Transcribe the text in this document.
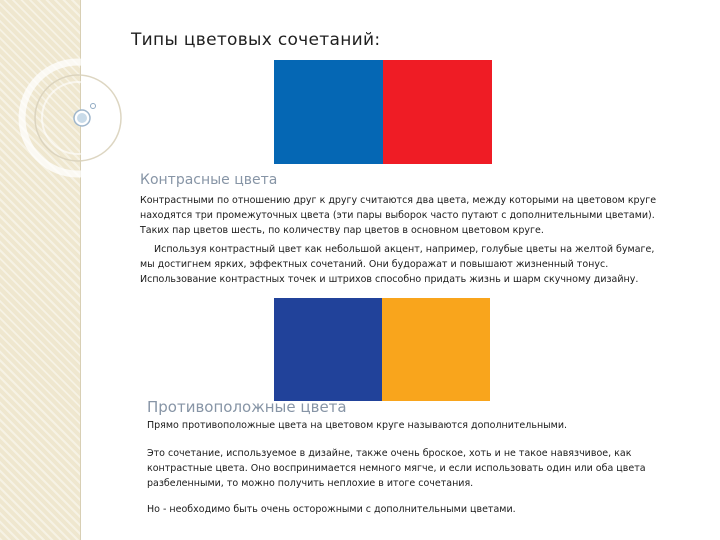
Типы цветовых сочетаний:
Контрасные цвета
Контрастными по отношению друг к другу считаются два цвета, между которыми на цветовом круге находятся три промежуточных цвета (эти пары выборок часто путают с дополнительными цветами). Таких пар цветов шесть, по количеству пар цветов в основном цветовом круге.
Используя контрастный цвет как небольшой акцент, например, голубые цветы на желтой бумаге, мы достигнем ярких, эффектных сочетаний. Они будоражат и повышают жизненный тонус. Использование контрастных точек и штрихов способно придать жизнь и шарм скучному дизайну.
Противоположные цвета
Прямо противоположные цвета на цветовом круге называются дополнительными.
Это сочетание, используемое в дизайне, также очень броское, хоть и не такое навязчивое, как контрастные цвета. Оно воспринимается немного мягче, и если использовать один или оба цвета разбеленными, то можно получить неплохие в итоге сочетания.
Но - необходимо быть очень осторожными с дополнительными цветами.
